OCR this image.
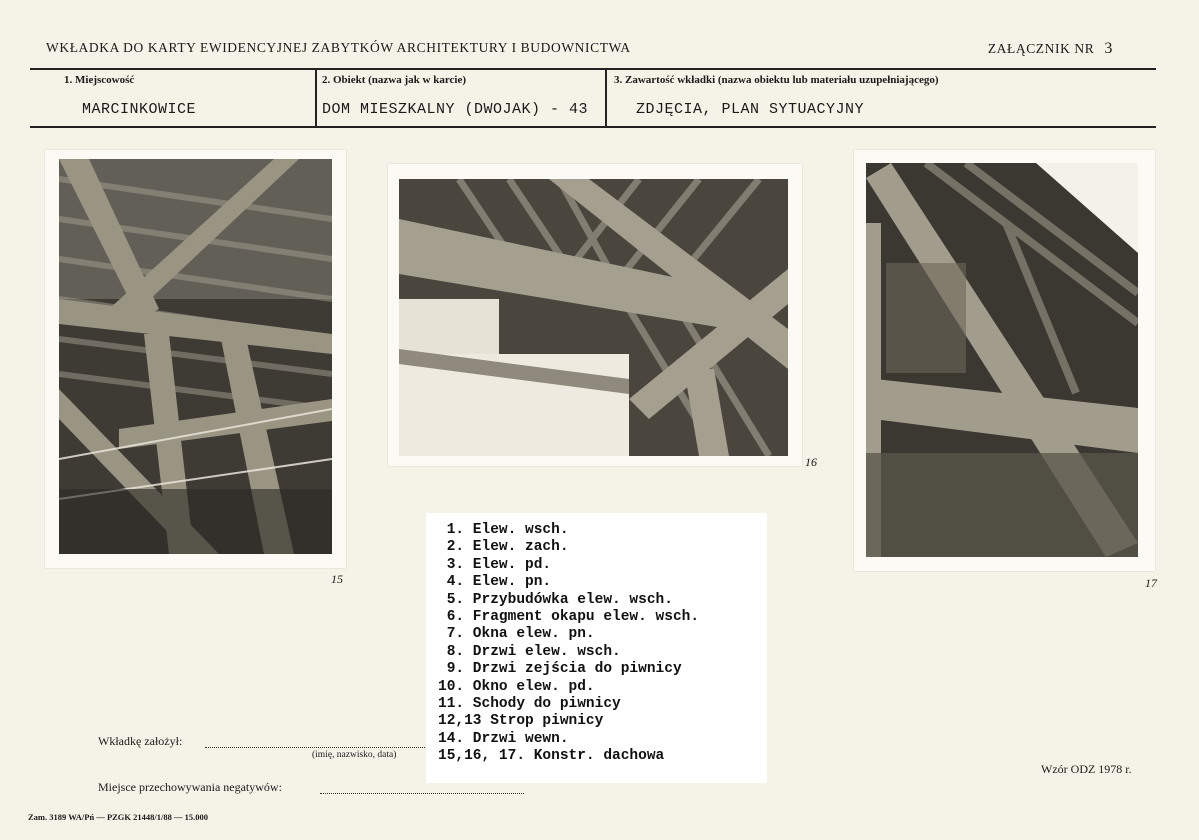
WKŁADKA DO KARTY EWIDENCYJNEJ ZABYTKÓW ARCHITEKTURY I BUDOWNICTWA	ZAŁĄCZNIK NR 3
1. Miejscowość
MARCINKOWICE
2. Obiekt (nazwa jak w karcie)
DOM MIESZKALNY (DWOJAK) - 43
3. Zawartość wkładki (nazwa obiektu lub materiału uzupełniającego)
ZDJĘCIA, PLAN SYTUACYJNY
15
16
17
1. Elew. wsch.
2. Elew. zach.
3. Elew. pd.
4. Elew. pn.
5. Przybudówka elew. wsch.
6. Fragment okapu elew. wsch.
7. Okna elew. pn.
8. Drzwi elew. wsch.
9. Drzwi zejścia do piwnicy
10. Okno elew. pd.
11. Schody do piwnicy
12,13 Strop piwnicy
14. Drzwi wewn.
15,16, 17. Konstr. dachowa
Wkładkę założył:
(imię, nazwisko, data)
Miejsce przechowywania negatywów:
Wzór ODZ 1978 r.
Zam. 3189 WA/Pń — PZGK 21448/1/88 — 15.000
